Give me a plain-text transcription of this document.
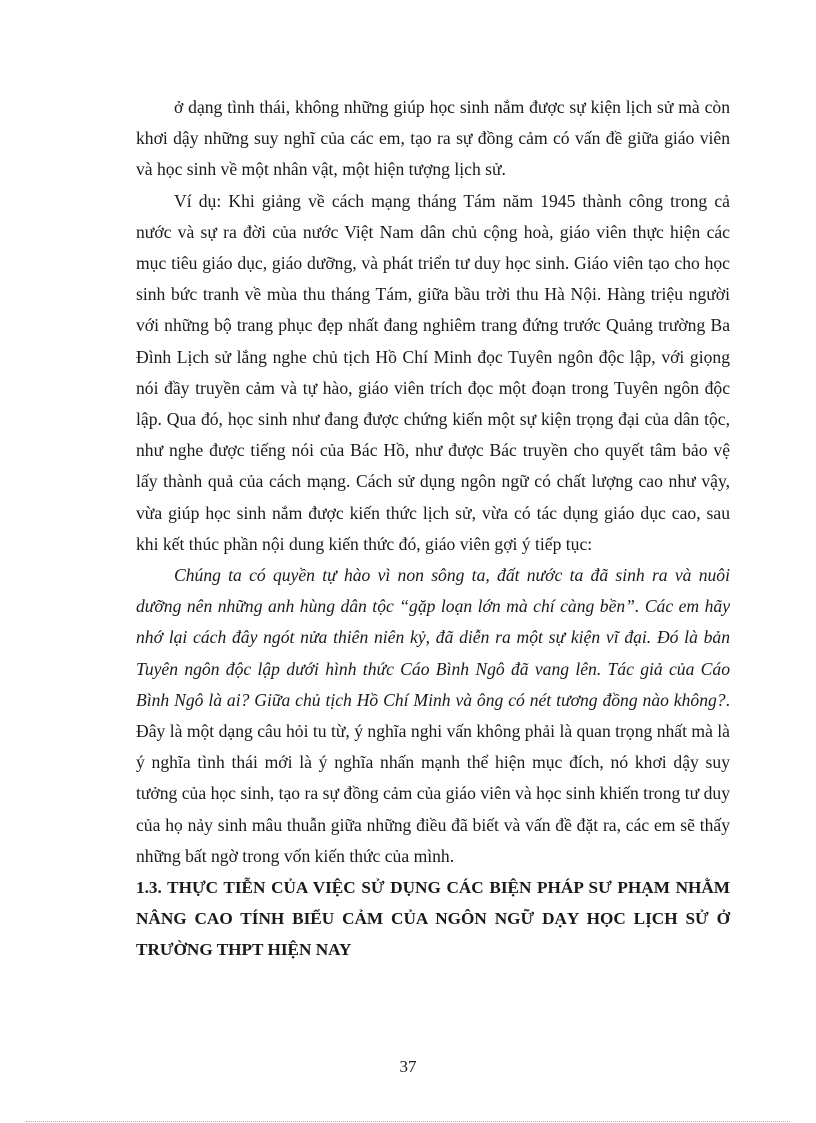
ở dạng tình thái, không những giúp học sinh nắm được sự kiện lịch sử mà còn khơi dậy những suy nghĩ của các em, tạo ra sự đồng cảm có vấn đề giữa giáo viên và học sinh về một nhân vật, một hiện tượng lịch sử.

Ví dụ: Khi giảng về cách mạng tháng Tám năm 1945 thành công trong cả nước và sự ra đời của nước Việt Nam dân chủ cộng hoà, giáo viên thực hiện các mục tiêu giáo dục, giáo dưỡng, và phát triển tư duy học sinh. Giáo viên tạo cho học sinh bức tranh về mùa thu tháng Tám, giữa bầu trời thu Hà Nội. Hàng triệu người với những bộ trang phục đẹp nhất đang nghiêm trang đứng trước Quảng trường Ba Đình Lịch sử lắng nghe chủ tịch Hồ Chí Minh đọc Tuyên ngôn độc lập, với giọng nói đầy truyền cảm và tự hào, giáo viên trích đọc một đoạn trong Tuyên ngôn độc lập. Qua đó, học sinh như đang được chứng kiến một sự kiện trọng đại của dân tộc, như nghe được tiếng nói của Bác Hồ, như được Bác truyền cho quyết tâm bảo vệ lấy thành quả của cách mạng. Cách sử dụng ngôn ngữ có chất lượng cao như vậy, vừa giúp học sinh nắm được kiến thức lịch sử, vừa có tác dụng giáo dục cao, sau khi kết thúc phần nội dung kiến thức đó, giáo viên gợi ý tiếp tục:

Chúng ta có quyền tự hào vì non sông ta, đất nước ta đã sinh ra và nuôi dưỡng nên những anh hùng dân tộc “gặp loạn lớn mà chí càng bền”. Các em hãy nhớ lại cách đây ngót nửa thiên niên kỷ, đã diễn ra một sự kiện vĩ đại. Đó là bản Tuyên ngôn độc lập dưới hình thức Cáo Bình Ngô đã vang lên. Tác giả của Cáo Bình Ngô là ai? Giữa chủ tịch Hồ Chí Minh và ông có nét tương đồng nào không?. Đây là một dạng câu hỏi tu từ, ý nghĩa nghi vấn không phải là quan trọng nhất mà là ý nghĩa tình thái mới là ý nghĩa nhấn mạnh thể hiện mục đích, nó khơi dậy suy tưởng của học sinh, tạo ra sự đồng cảm của giáo viên và học sinh khiến trong tư duy của họ nảy sinh mâu thuẫn giữa những điều đã biết và vấn đề đặt ra, các em sẽ thấy những bất ngờ trong vốn kiến thức của mình.

1.3. THỰC TIỄN CỦA VIỆC SỬ DỤNG CÁC BIỆN PHÁP SƯ PHẠM NHẰM NÂNG CAO TÍNH BIỂU CẢM CỦA NGÔN NGỮ DẠY HỌC LỊCH SỬ Ở TRƯỜNG THPT HIỆN NAY

37
